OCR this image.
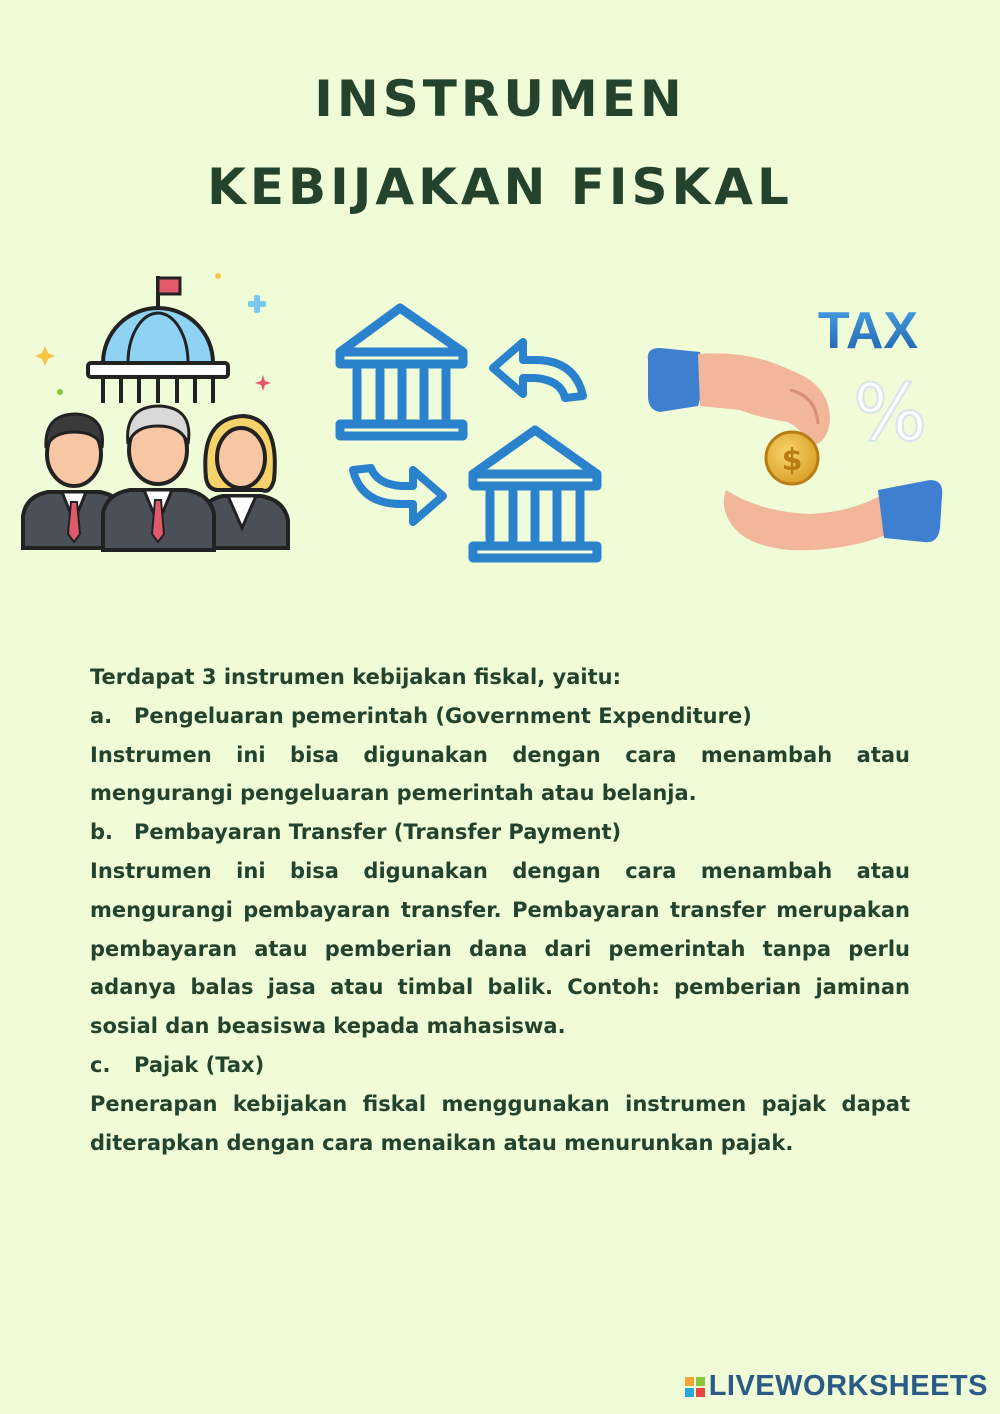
INSTRUMEN
KEBIJAKAN FISKAL
TAX
%
$

Terdapat 3 instrumen kebijakan fiskal, yaitu:

a.	Pengeluaran pemerintah (Government Expenditure)

Instrumen ini bisa digunakan dengan cara menambah atau mengurangi pengeluaran pemerintah atau belanja.

b. Pembayaran Transfer (Transfer Payment)

Instrumen ini bisa digunakan dengan cara menambah atau mengurangi pembayaran transfer. Pembayaran transfer merupakan pembayaran atau pemberian dana dari pemerintah tanpa perlu adanya balas jasa atau timbal balik. Contoh: pemberian jaminan sosial dan beasiswa kepada mahasiswa.

c.	Pajak (Tax)

Penerapan kebijakan fiskal menggunakan instrumen pajak dapat diterapkan dengan cara menaikan atau menurunkan pajak.

LIVEWORKSHEETS
